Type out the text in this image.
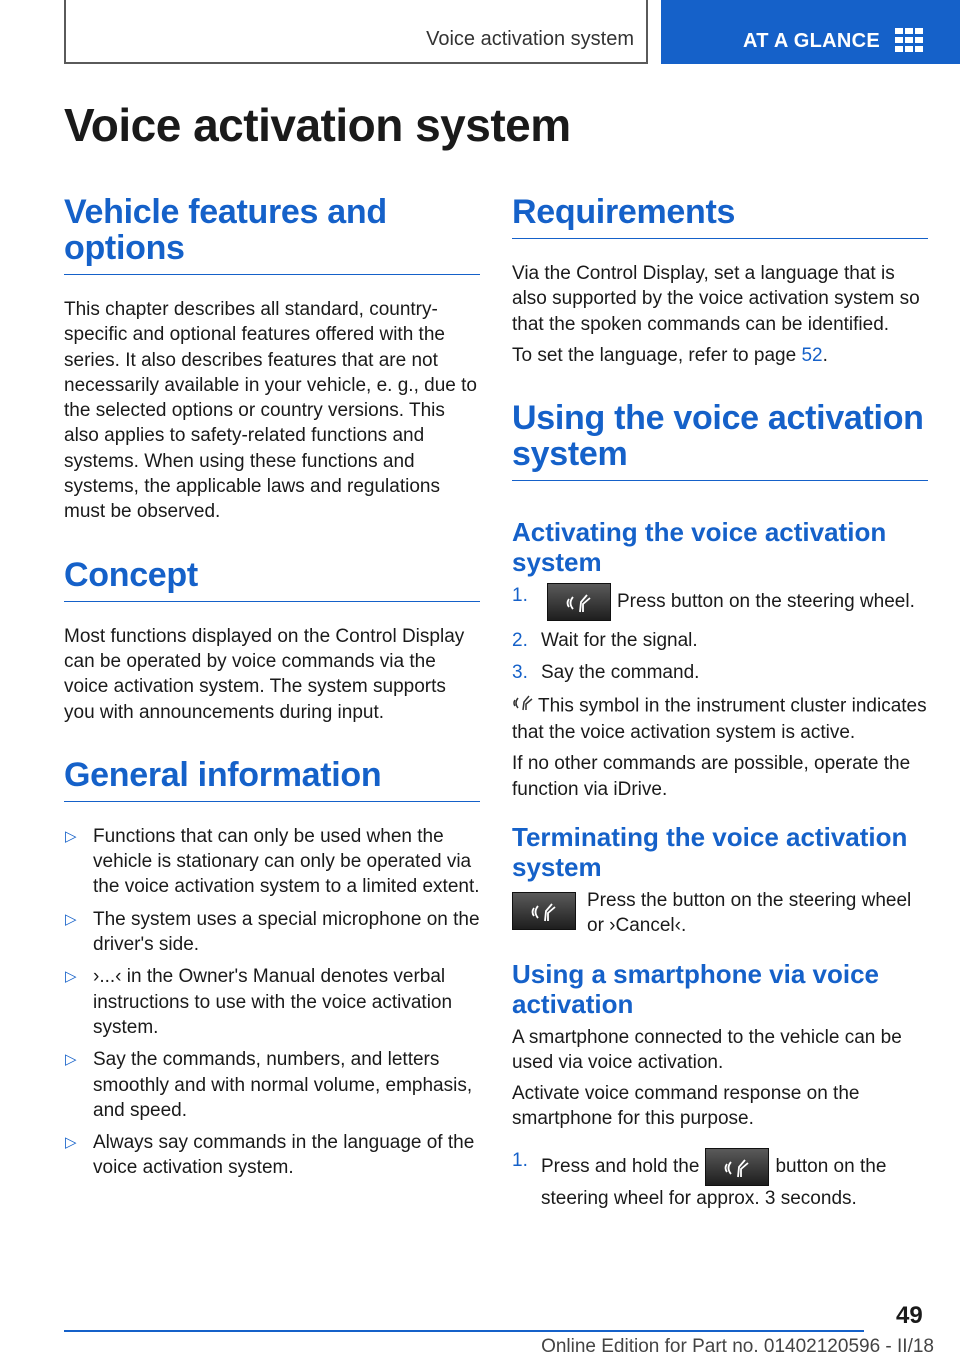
Voice activation system	AT A GLANCE
Voice activation system
Vehicle features and options

This chapter describes all standard, country-specific and optional features offered with the series. It also describes features that are not necessarily available in your vehicle, e. g., due to the selected options or country versions. This also applies to safety-related functions and systems. When using these functions and systems, the applicable laws and regulations must be observed.

Concept

Most functions displayed on the Control Display can be operated by voice commands via the voice activation system. The system supports you with announcements during input.

General information
▷ Functions that can only be used when the vehicle is stationary can only be operated via the voice activation system to a limited extent.
▷ The system uses a special microphone on the driver's side.
▷ ›...‹ in the Owner's Manual denotes verbal instructions to use with the voice activation system.
▷ Say the commands, numbers, and letters smoothly and with normal volume, emphasis, and speed.
▷ Always say commands in the language of the voice activation system.
Requirements

Via the Control Display, set a language that is also supported by the voice activation system so that the spoken commands can be identified.

To set the language, refer to page 52.

Using the voice activation system
Activating the voice activation system
1.	Press button on the steering wheel.
2. Wait for the signal.
3. Say the command.

This symbol in the instrument cluster indicates that the voice activation system is active.

If no other commands are possible, operate the function via iDrive.

Terminating the voice activation system

Press the button on the steering wheel or ›Cancel‹.

Using a smartphone via voice activation

A smartphone connected to the vehicle can be used via voice activation.

Activate voice command response on the smartphone for this purpose.

1. Press and hold the	button on the steering wheel for approx. 3 seconds.
49
Online Edition for Part no. 01402120596 - II/18
